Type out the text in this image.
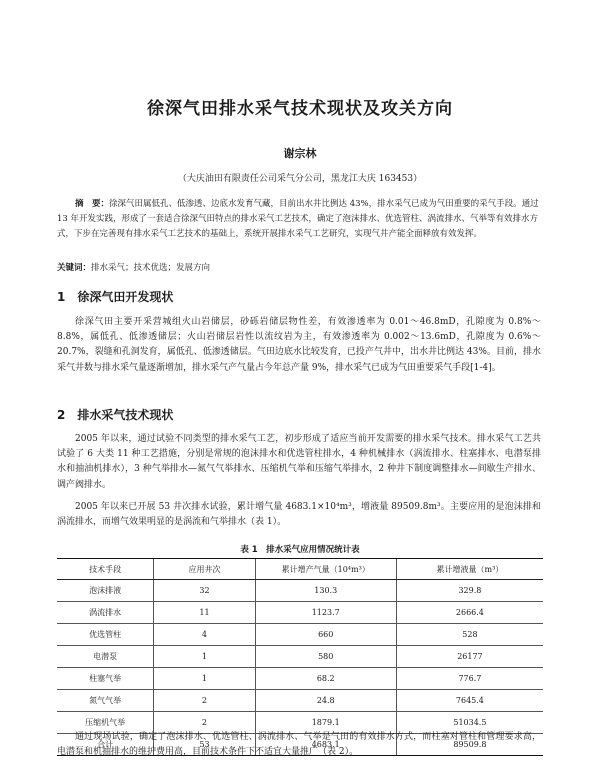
徐深气田排水采气技术现状及攻关方向
谢宗林
（大庆油田有限责任公司采气分公司，黑龙江大庆 163453）
摘　要：徐深气田属低孔、低渗透、边底水发育气藏，目前出水井比例达 43%，排水采气已成为气田重要的采气手段。通过 13 年开发实践，形成了一套适合徐深气田特点的排水采气工艺技术，确定了泡沫排水、优选管柱、涡流排水、气举等有效排水方式，下步在完善现有排水采气工艺技术的基础上，系统开展排水采气工艺研究，实现气井产能全面释放有效发挥。
关键词：排水采气；技术优选；发展方向
1　徐深气田开发现状
徐深气田主要开采营城组火山岩储层，砂砾岩储层物性差，有效渗透率为 0.01～46.8mD，孔隙度为 0.8%～8.8%，属低孔、低渗透储层；火山岩储层岩性以流纹岩为主，有效渗透率为 0.002～13.6mD，孔隙度为 0.6%～20.7%，裂缝和孔洞发育，属低孔、低渗透储层。气田边底水比较发育，已投产气井中，出水井比例达 43%。目前，排水采气井数与排水采气量逐渐增加，排水采气产气量占今年总产量 9%，排水采气已成为气田重要采气手段[1-4]。
2　排水采气技术现状
2005 年以来，通过试验不同类型的排水采气工艺，初步形成了适应当前开发需要的排水采气技术。排水采气工艺共试验了 6 大类 11 种工艺措施，分别是常规的泡沫排水和优选管柱排水，4 种机械排水（涡流排水、柱塞排水、电潜泵排水和抽油机排水），3 种气举排水—氮气气举排水、压缩机气举和压缩气举排水，2 种井下制度调整排水—间歇生产排水、调产阀排水。
2005 年以来已开展 53 井次排水试验，累计增气量 4683.1×10⁴m³，增液量 89509.8m³。主要应用的是泡沫排和涡流排水，而增气效果明显的是涡流和气举排水（表 1）。
表 1　排水采气应用情况统计表
技术手段	应用井次	累计增产气量（10⁴m³）	累计增液量（m³）
泡沫排液	32	130.3	329.8
涡流排水	11	1123.7	2666.4
优选管柱	4	660	528
电潜泵	1	580	26177
柱塞气举	1	68.2	776.7
氮气气举	2	24.8	7645.4
压缩机气举	2	1879.1	51034.5
合计	53	4683.1	89509.8
通过现场试验，确定了泡沫排水、优选管柱、涡流排水、气举是气田的有效排水方式，而柱塞对管柱和管理要求高，电潜泵和机抽排水的维护费用高，目前技术条件下不适宜大量推广（表 2）。
